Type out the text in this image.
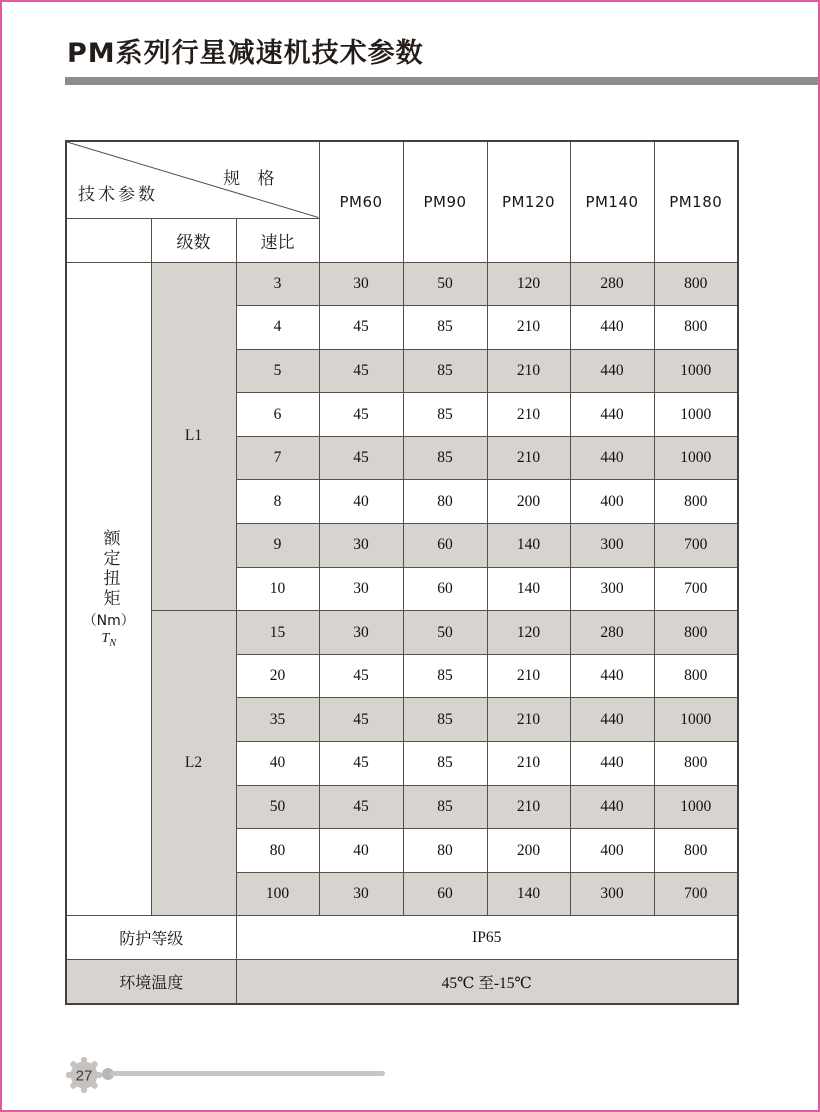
PM系列行星减速机技术参数
规 格
技术参数			PM60	PM90	PM120	PM140	PM180
	级数	速比					

额定扭矩
（Nm）
$T_N$	L1	3	30	50	120	280	800
		4	45	85	210	440	800
		5	45	85	210	440	1000
		6	45	85	210	440	1000
		7	45	85	210	440	1000
		8	40	80	200	400	800
		9	30	60	140	300	700
		10	30	60	140	300	700
	L2	15	30	50	120	280	800
		20	45	85	210	440	800
		35	45	85	210	440	1000
		40	45	85	210	440	800
		50	45	85	210	440	1000
		80	40	80	200	400	800
		100	30	60	140	300	700
防护等级		IP65					
环境温度		45℃ 至-15℃					
27
